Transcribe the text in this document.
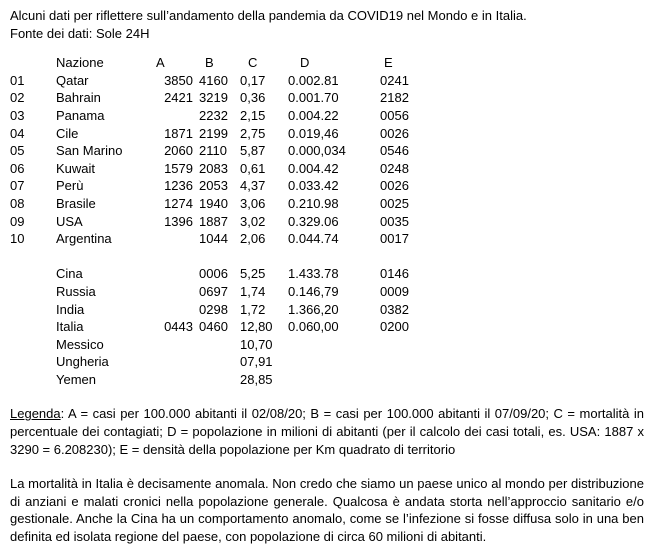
Alcuni dati per riflettere sull’andamento della pandemia da COVID19 nel Mondo e in Italia.

Fonte dei dati: Sole 24H

	Nazione	A	B	C	D	E
01	Qatar	3850	4160	0,17	0.002.81	0241
02	Bahrain	2421	3219	0,36	0.001.70	2182
03	Panama		2232	2,15	0.004.22	0056
04	Cile	1871	2199	2,75	0.019,46	0026
05	San Marino	2060	2110	5,87	0.000,034	0546
06	Kuwait	1579	2083	0,61	0.004.42	0248
07	Perù	1236	2053	4,37	0.033.42	0026
08	Brasile	1274	1940	3,06	0.210.98	0025
09	USA	1396	1887	3,02	0.329.06	0035
10	Argentina		1044	2,06	0.044.74	0017

	Cina		0006	5,25	1.433.78	0146
	Russia		0697	1,74	0.146,79	0009
	India		0298	1,72	1.366,20	0382
	Italia	0443	0460	12,80	0.060,00	0200
	Messico			10,70		
	Ungheria			07,91		
	Yemen			28,85		
Legenda: A = casi per 100.000 abitanti il 02/08/20; B = casi per 100.000 abitanti il 07/09/20; C = mortalità in percentuale dei contagiati; D = popolazione in milioni di abitanti (per il calcolo dei casi totali, es. USA: 1887 x 3290 = 6.208230); E = densità della popolazione per Km quadrato di territorio
La mortalità in Italia è decisamente anomala. Non credo che siamo un paese unico al mondo per distribuzione di anziani e malati cronici nella popolazione generale. Qualcosa è andata storta nell’approccio sanitario e/o gestionale. Anche la Cina ha un comportamento anomalo, come se l’infezione si fosse diffusa solo in una ben definita ed isolata regione del paese, con popolazione di circa 60 milioni di abitanti.
